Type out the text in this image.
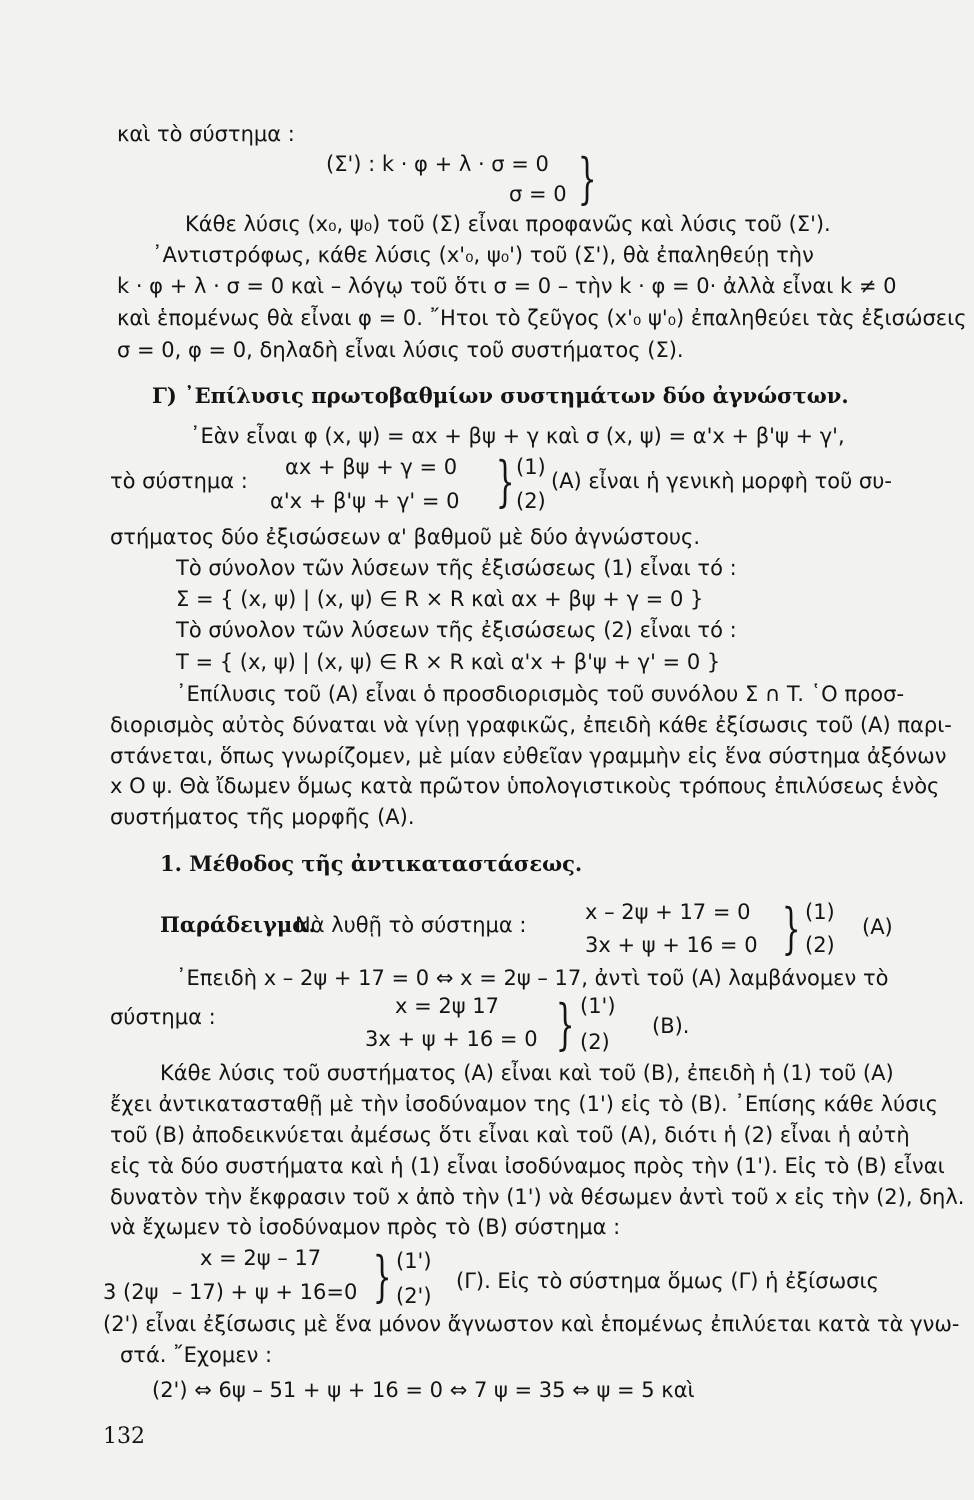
καὶ τὸ σύστημα :
(Σ') : k · φ + λ · σ = 0 }
σ = 0
Κάθε λύσις (x₀, ψ₀) τοῦ (Σ) εἶναι προφανῶς καὶ λύσις τοῦ (Σ').
᾿Αντιστρόφως, κάθε λύσις (x'₀, ψ₀') τοῦ (Σ'), θὰ ἐπαληθεύῃ τὴν
k · φ + λ · σ = 0 καὶ – λόγῳ τοῦ ὅτι σ = 0 – τὴν k · φ = 0· ἀλλὰ εἶναι k ≠ 0
καὶ ἑπομένως θὰ εἶναι φ = 0. ῎Ητοι τὸ ζεῦγος (x'₀ ψ'₀) ἐπαληθεύει τὰς ἐξισώσεις
σ = 0, φ = 0, δηλαδὴ εἶναι λύσις τοῦ συστήματος (Σ).
Γ) ᾿Επίλυσις πρωτοβαθμίων συστημάτων δύο ἀγνώστων.
᾿Εὰν εἶναι φ (x, ψ) = αx + βψ + γ καὶ σ (x, ψ) = α'x + β'ψ + γ',
τὸ σύστημα :
αx + βψ + γ = 0 } (1)
(A) εἶναι ἡ γενικὴ μορφὴ τοῦ συ-
α'x + β'ψ + γ' = 0	(2)
στήματος δύο ἐξισώσεων α' βαθμοῦ μὲ δύο ἀγνώστους.
Τὸ σύνολον τῶν λύσεων τῆς ἐξισώσεως (1) εἶναι τό :
Σ = { (x, ψ) | (x, ψ) ∈ R × R καὶ αx + βψ + γ = 0 }
Τὸ σύνολον τῶν λύσεων τῆς ἐξισώσεως (2) εἶναι τό :
T = { (x, ψ) | (x, ψ) ∈ R × R καὶ α'x + β'ψ + γ' = 0 }
᾿Επίλυσις τοῦ (A) εἶναι ὁ προσδιορισμὸς τοῦ συνόλου Σ ∩ T. ῾Ο προσ-
διορισμὸς αὐτὸς δύναται νὰ γίνῃ γραφικῶς, ἐπειδὴ κάθε ἐξίσωσις τοῦ (A) παρι-
στάνεται, ὅπως γνωρίζομεν, μὲ μίαν εὐθεῖαν γραμμὴν εἰς ἕνα σύστημα ἀξόνων
x O ψ. Θὰ ἴδωμεν ὅμως κατὰ πρῶτον ὑπολογιστικοὺς τρόπους ἐπιλύσεως ἑνὸς
συστήματος τῆς μορφῆς (A).
1. Μέθοδος τῆς ἀντικαταστάσεως.
Παράδειγμα.
Νὰ λυθῇ τὸ σύστημα :
x – 2ψ + 17 = 0 } (1)
(A)
3x + ψ + 16 = 0 (2)
᾿Επειδὴ x – 2ψ + 17 = 0 ⇔ x = 2ψ – 17, ἀντὶ τοῦ (A) λαμβάνομεν τὸ
x = 2ψ 17 } (1')
σύστημα :	(B).
3x + ψ + 16 = 0 (2)
Κάθε λύσις τοῦ συστήματος (A) εἶναι καὶ τοῦ (B), ἐπειδὴ ἡ (1) τοῦ (A)
ἔχει ἀντικατασταθῇ μὲ τὴν ἰσοδύναμον της (1') εἰς τὸ (B). ᾿Επίσης κάθε λύσις
τοῦ (B) ἀποδεικνύεται ἀμέσως ὅτι εἶναι καὶ τοῦ (A), διότι ἡ (2) εἶναι ἡ αὐτὴ
εἰς τὰ δύο συστήματα καὶ ἡ (1) εἶναι ἰσοδύναμος πρὸς τὴν (1'). Εἰς τὸ (B) εἶναι
δυνατὸν τὴν ἔκφρασιν τοῦ x ἀπὸ τὴν (1') νὰ θέσωμεν ἀντὶ τοῦ x εἰς τὴν (2), δηλ.
νὰ ἔχωμεν τὸ ἰσοδύναμον πρὸς τὸ (B) σύστημα :
x = 2ψ – 17 } (1')
3 (2ψ  – 17) + ψ + 16=0 (2')
(Γ). Εἰς τὸ σύστημα ὅμως (Γ) ἡ ἐξίσωσις
(2') εἶναι ἐξίσωσις μὲ ἕνα μόνον ἄγνωστον καὶ ἑπομένως ἐπιλύεται κατὰ τὰ γνω-
στά. ῎Εχομεν :
(2') ⇔ 6ψ – 51 + ψ + 16 = 0 ⇔ 7 ψ = 35 ⇔ ψ = 5 καὶ
132
